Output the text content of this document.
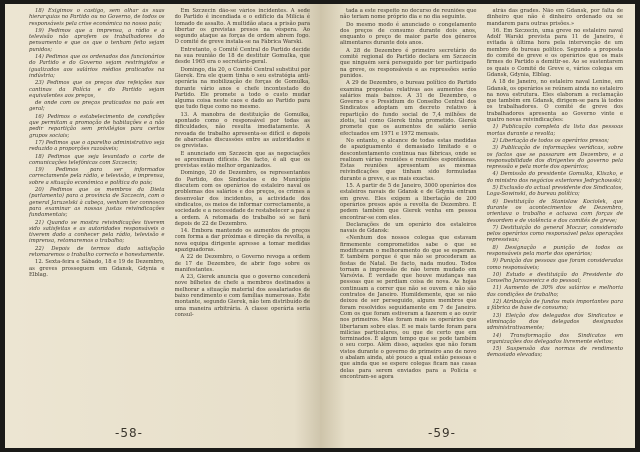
18) Exigimos o castigo, sem olhar às suas hierarquias no Partido ou no Governo, de todos os responsáveis pela crise económica no nosso país;

19) Pedimos que a imprensa, a rádio e a televisão não aprofem os trabalhadores do pensamento e que os que o tenham feito sejam punidos;

14) Pedimos que os ordenados dos funcionários do Partido e do Governo sejam restringidos e igualizados aos salários médios praticados na indústria;

23) Pedimos que os preços das refeições nas cantinas da Polícia e do Partido sejam equivalentes aos preços,

de onde com os preços praticados no país em geral;

16) Pedimos o estabelecimento de condições que permitam a promoção de habitações e a não pedir repartição sem privilégios para certos grupos sociais;

17) Pedimos que o aparelho administrativo seja reduzido a proporções razoáveis;

18) Pedimos que seja levantado o corte de comunicações telefónicas com Szczecin;

19) Pedimos para ser informados correctamente pela rádio, e televisão, e imprensa, sobre a situação económica e política do país;

20) Pedimos que os membros da Dieta (parlamento) para a província de Szczecin, com o general Jaruzelski à cabeça, venham ter connosco para examinar as nossas justas reivindicações fundamentais;

21) Quando se mostra reivindicações tiverem sido satisfeitas e as autoridades responsáveis o tiverem dado a conhecer pela rádio, televisão e imprensa, retomaremos o trabalho;

22) Depois de termos dado satisfação retomaremos o trabalho correcto e honestamente.

12. Sexta-feira e Sábado, 18 e 19 de Dezembro, as greves prosseguem em Gdansk, Gdynia e Elblag.

Em Szczecin dão-se vários incidentes. A sede do Partido é incendiada e o edifício da Milícia é tomado de assalto. A multidão ataca a prisão para libertar os grevistas presos na véspera. Ao segundo ataque as forças de ordem abrem fogo. O comité de greve instala-se na Fábrica Warski.

Entretanto, o Comité Central do Partido decide na sua reunião de 18 de destituir Gomulka, que desde 1965 era o secretário-geral.

Domingo, dia 20, o Comité Central substitui por Gierek. Era ele quem tinha o seu estratégia anti-operária na mobilização de forças de Gomulka, durante vário anos e chefe incontestado do Partido. Ele promete a todo o custo mudar alguma coisa neste caos e dado ao Partido para que tudo fique como no mesmo.

13. A manobra de destituição de Gomulka, apontado como o responsável por todas as dificuldades, não resulta imediatamente. A revoada de trabalho apresenta-se difícil e depois de abarcadas discussões entre as autoridades e os grevistas.

E anunciado em Szczecin que as negociações se aproximam difíceis. De facto, é ali que os grevistas estão melhor organizados.

Domingo, 20 de Dezembro, os representantes do Partido, dos Sindicatos e do Município discutem com os operários do estaleiro naval os problemas dos salários e dos preços, os crimes a desenvolar dos incidentes, a actividade dos sindicatos, os meios de informar correctamente, a sociedade e a necessidade de restabelecer a paz e a ordem. A retomada do trabalho só se fará depois de 22 de Dezembro.

14. Embora mantendo os aumentos de preços com forma a dar próximas e direção da revolta, a nova equipa dirigente apresse a tomar medidas apaziguadoras.

A 22 de Dezembro, o Governo revoga a ordem de 17 de Dezembro, de abrir fogo sobre os manifestantes.

A 23, Gierek anuncia que o governo concederá nove bilhetes de chefe a membros destinados a melhorar a situação material dos assalariados de baixo rendimento e com famílias numerosas. Este montante, segundo Gierek, não tem distribuído de uma maneira arbitrária. A classe operária seria consul-

-58-

tada a este respeito no decurso de reuniões que não teriam nome próprio dia e no dia seguinte.

Do mesmo modo é anunciado o congelamento dos preços de consumo durante dois anos, enquanto o preço de maior parte dos géneros alimentares durante dois anos.

A 28 de Dezembro é primeiro secretário do comité regional do Partido declara em Szczecin que ninguém será perseguido por ter participado na greve, os responsáveis e as repressões serão punidos.

A 29 de Dezembro, o bureau político do Partido examina propostas relativas aos aumentos dos salários mais baixos. A 31 de Dezembro, o Governo e o Presidium do Conselho Central dos Sindicatos adoptam um decreto relativo à repartição do fundo social de 7,4 milhões de zlotis, tal como Gierek tinha prometido. Gierek promete que os aumentos de salário serão efectuados em 1971 e 1972 mensais.

No entanto, o alcance de todas estas medidas de apaziguamento é demasiado limitado e o descontentamento continua nas fábricas, onde se realizam várias reuniões e reuniões espontâneas. Estas reuniões apresentam as mesmas reivindicações que tinham sido formuladas durante a greve, e as mais exactas.

15. A partir de 5 de Janeiro, 3000 operários dos estaleiros navais de Gdansk e de Gdynia entram em greve. Eles exigem a libertação de 200 operários presos após a revolta de Dezembro. E pedem também que Gierek venha em pessoa encontrar-se com eles.

Declarações de um operário dos estaleiros navais de Gdansk:

«Nenhum dos nossos colegas que estavam firmemente comprometidos sabe o que se modificaram o melhoramento do que se esperam. E também porque é que não se procederam as festas de Natal. De facto, nada mudou. Todos tornam a impressão de não terem mudado em Varsóvia. É verdade que houve mudanças nas pessoas que se perdiam coisa de nova. As hojas continuam a correr que não se ouvem e não são contratos de Janeiro. Humildemente, que se não deixou de ser perseguido, alguns membros que foram resolvidos seguidamente em 7 de Janeiro. Com os que foram estiveram a fazerem e ao ouvir nos primeiros. Mas foram mais os operários que libertaram sobre elas. E se mais tarde foram para milícias particulares, ou que de certo que em terminados. É algum tempo que se pode também o seu corpo. Além disso, aqueles que não foram vistos durante o governo do primeiro ano de novo o abalam ainda, até pouco a qual estão pessoas e que ainda que se espere colegas ficam nas casas delas para serem enviados para a Polícia e encontram-se agora

atrás das grades. Não em Gdansk, por falta de dinheiro que não é dinheiro ordenado ou se mandarem para outras prisões.»

16. Em Szczecin, uma greve no estaleiro naval Adolf Warski prevista para 11 de Janeiro, é evitada à última hora pela intervenção de um membro do bureau político. Segundo a proposta do comité de greve e os operários que os mais firmes do Partido a demitir-se. Ao se sustentarem os quais o Comité de Greve e, vários colegas em Gdansk, Gdynia, Elblag.

A 18 de Janeiro, no estaleiro naval Lenine, em Gdansk, os operários se reúnem ainda no estaleiro na nova estrutura. Eles elaboram a reclamação que também em Gdansk, dirigem-se para lá todos os trabalhadores. O comité de greve dos trabalhadores apresenta ao Governo vinte e quatro novas reivindicações:

1) Publicação completa da lista das pessoas mortas durante a revolta;

2) Libertação de todos os operários presos;

3) Publicação de informações verídicas, sobre os factos que se passaram em Dezembro, e a responsabilidade dos dirigentes do governo pela repressão e pela morte dos operários;

4) Demissão do presidente Gomulka, Kliszko, e do ministro dos negócios exteriores Jedrychowski;

5) Exclusão do actual presidente dos Sindicatos, Loga-Sowinski, do bureau político;

6) Destituição de Stanislaw Kociolek, que durante os acontecimentos de Dezembro, orientava o trabalho e actuava com forças de desordem e de violência e dos comités de greve;

7) Destituição do general Moczar, considerado pelos operários como responsável pelas operações repressivas;

8) Designação e punição de todos os responsáveis pela morte dos operários;

9) Punição das pessoas que foram consideradas como responsáveis;

10) Estudo e destituição do Presidente do Conselho Jaroszewicz e do pessoal;

11) Aumento de 30% dos salários e melhoria das condições de trabalho;

12) Atribuição de fundos mais importantes para a fábrica de base de consumo;

13) Eleição dos delegados dos Sindicatos e eliminação dos delegados designados administrativamente;

14) Transformação dos Sindicatos em organizações dos delegados livremente eleitos;

15) Suspensão das normas de rendimento demasiado elevadas;

-59-
